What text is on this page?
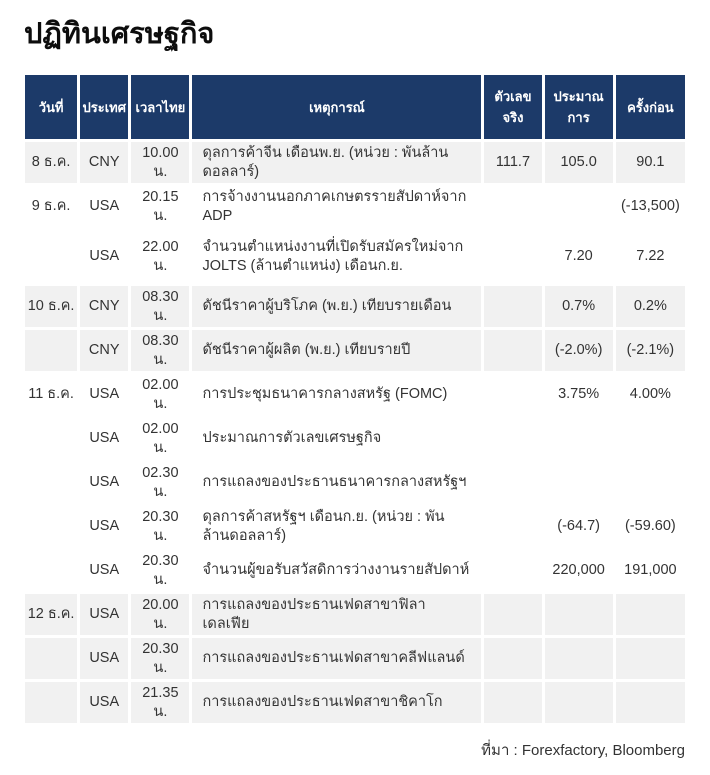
ปฏิทินเศรษฐกิจ
วันที่	ประเทศ	เวลาไทย	เหตุการณ์	ตัวเลขจริง	ประมาณการ	ครั้งก่อน
8 ธ.ค.	CNY	10.00 น.	ดุลการค้าจีน เดือนพ.ย. (หน่วย : พันล้านดอลลาร์)	111.7	105.0	90.1
9 ธ.ค.	USA	20.15 น.	การจ้างงานนอกภาคเกษตรรายสัปดาห์จาก ADP			(-13,500)
	USA	22.00 น.	จำนวนตำแหน่งงานที่เปิดรับสมัครใหม่จาก JOLTS (ล้านตำแหน่ง) เดือนก.ย.		7.20	7.22
10 ธ.ค.	CNY	08.30 น.	ดัชนีราคาผู้บริโภค (พ.ย.) เทียบรายเดือน		0.7%	0.2%
	CNY	08.30 น.	ดัชนีราคาผู้ผลิต (พ.ย.) เทียบรายปี		(-2.0%)	(-2.1%)
11 ธ.ค.	USA	02.00 น.	การประชุมธนาคารกลางสหรัฐ (FOMC)		3.75%	4.00%
	USA	02.00 น.	ประมาณการตัวเลขเศรษฐกิจ			
	USA	02.30 น.	การแถลงของประธานธนาคารกลางสหรัฐฯ			
	USA	20.30 น.	ดุลการค้าสหรัฐฯ เดือนก.ย. (หน่วย : พันล้านดอลลาร์)		(-64.7)	(-59.60)
	USA	20.30 น.	จำนวนผู้ขอรับสวัสดิการว่างงานรายสัปดาห์		220,000	191,000
12 ธ.ค.	USA	20.00 น.	การแถลงของประธานเฟดสาขาฟิลาเดลเฟีย			
	USA	20.30 น.	การแถลงของประธานเฟดสาขาคลีฟแลนด์			
	USA	21.35 น.	การแถลงของประธานเฟดสาขาชิคาโก			
ที่มา : Forexfactory, Bloomberg
